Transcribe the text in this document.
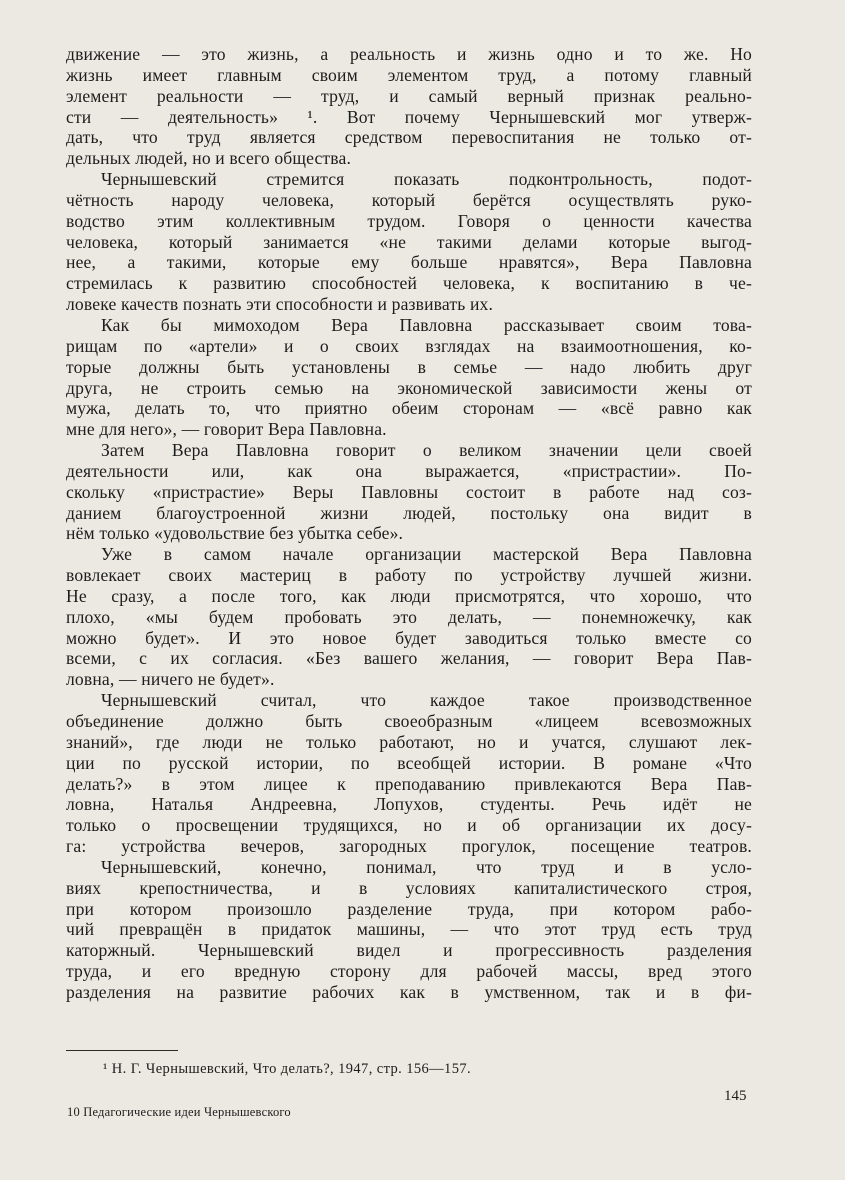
движение — это жизнь, а реальность и жизнь одно и то же. Но
жизнь имеет главным своим элементом труд, а потому главный
элемент реальности — труд, и самый верный признак реально-
сти — деятельность» ¹. Вот почему Чернышевский мог утверж-
дать, что труд является средством перевоспитания не только от-
дельных людей, но и всего общества.
Чернышевский стремится показать подконтрольность, подот-
чётность народу человека, который берётся осуществлять руко-
водство этим коллективным трудом. Говоря о ценности качества
человека, который занимается «не такими делами которые выгод-
нее, а такими, которые ему больше нравятся», Вера Павловна
стремилась к развитию способностей человека, к воспитанию в че-
ловеке качеств познать эти способности и развивать их.
Как бы мимоходом Вера Павловна рассказывает своим това-
рищам по «артели» и о своих взглядах на взаимоотношения, ко-
торые должны быть установлены в семье — надо любить друг
друга, не строить семью на экономической зависимости жены от
мужа, делать то, что приятно обеим сторонам — «всё равно как
мне для него», — говорит Вера Павловна.
Затем Вера Павловна говорит о великом значении цели своей
деятельности или, как она выражается, «пристрастии». По-
скольку «пристрастие» Веры Павловны состоит в работе над соз-
данием благоустроенной жизни людей, постольку она видит в
нём только «удовольствие без убытка себе».
Уже в самом начале организации мастерской Вера Павловна
вовлекает своих мастериц в работу по устройству лучшей жизни.
Не сразу, а после того, как люди присмотрятся, что хорошо, что
плохо, «мы будем пробовать это делать, — понемножечку, как
можно будет». И это новое будет заводиться только вместе со
всеми, с их согласия. «Без вашего желания, — говорит Вера Пав-
ловна, — ничего не будет».
Чернышевский считал, что каждое такое производственное
объединение должно быть своеобразным «лицеем всевозможных
знаний», где люди не только работают, но и учатся, слушают лек-
ции по русской истории, по всеобщей истории. В романе «Что
делать?» в этом лицее к преподаванию привлекаются Вера Пав-
ловна, Наталья Андреевна, Лопухов, студенты. Речь идёт не
только о просвещении трудящихся, но и об организации их досу-
га: устройства вечеров, загородных прогулок, посещение театров.
Чернышевский, конечно, понимал, что труд и в усло-
виях крепостничества, и в условиях капиталистического строя,
при котором произошло разделение труда, при котором рабо-
чий превращён в придаток машины, — что этот труд есть труд
каторжный. Чернышевский видел и прогрессивность разделения
труда, и его вредную сторону для рабочей массы, вред этого
разделения на развитие рабочих как в умственном, так и в фи-
¹ Н. Г. Чернышевский, Что делать?, 1947, стр. 156—157.
145
10 Педагогические идеи Чернышевского
